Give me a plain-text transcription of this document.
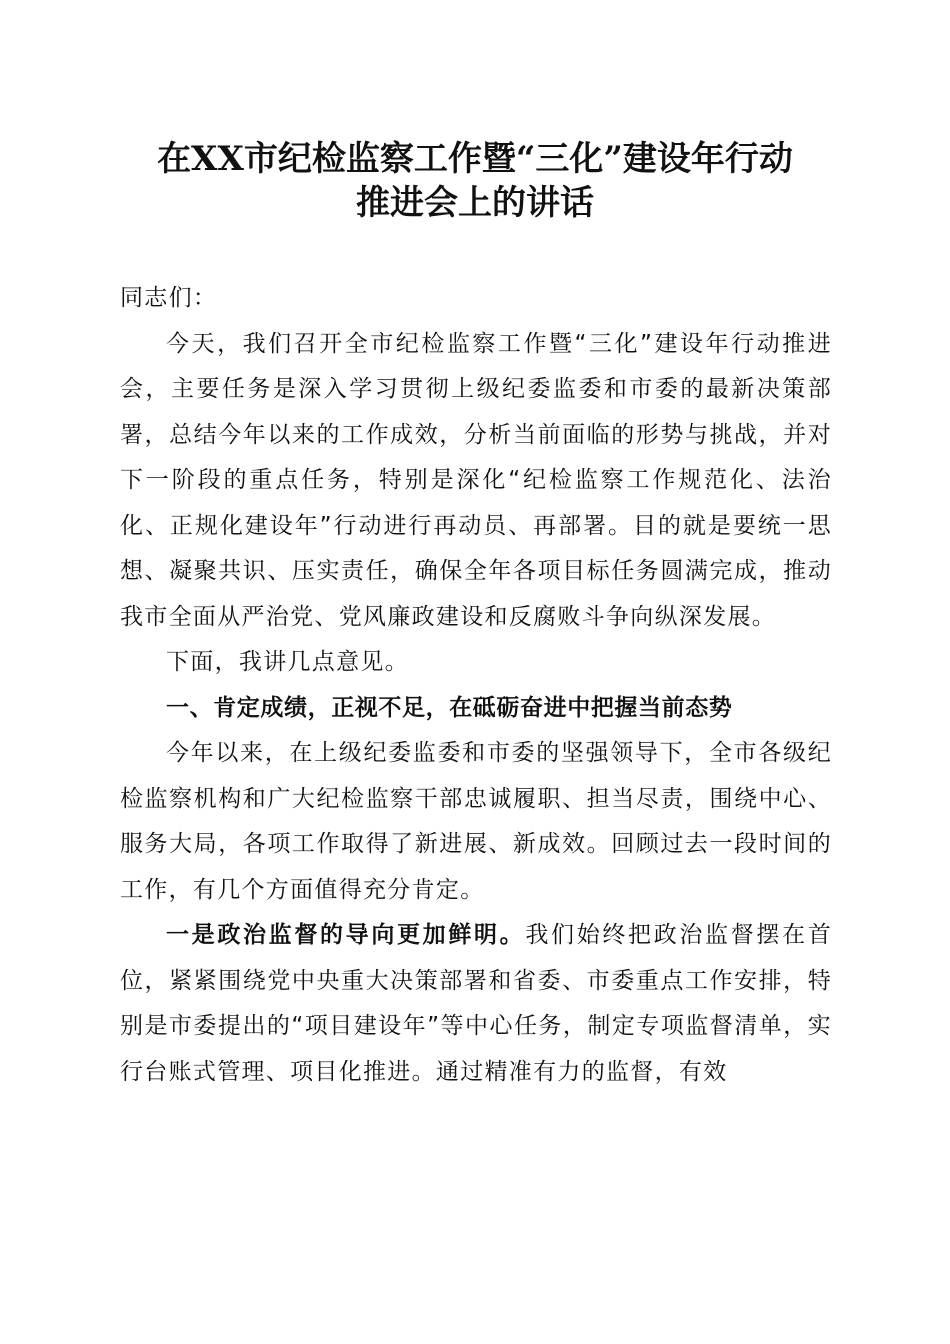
在XX市纪检监察工作暨“三化”建设年行动
推进会上的讲话

同志们：

今天，我们召开全市纪检监察工作暨“三化”建设年行动推进会，主要任务是深入学习贯彻上级纪委监委和市委的最新决策部署，总结今年以来的工作成效，分析当前面临的形势与挑战，并对下一阶段的重点任务，特别是深化“纪检监察工作规范化、法治化、正规化建设年”行动进行再动员、再部署。目的就是要统一思想、凝聚共识、压实责任，确保全年各项目标任务圆满完成，推动我市全面从严治党、党风廉政建设和反腐败斗争向纵深发展。

下面，我讲几点意见。

一、肯定成绩，正视不足，在砥砺奋进中把握当前态势

今年以来，在上级纪委监委和市委的坚强领导下，全市各级纪检监察机构和广大纪检监察干部忠诚履职、担当尽责，围绕中心、服务大局，各项工作取得了新进展、新成效。回顾过去一段时间的工作，有几个方面值得充分肯定。

一是政治监督的导向更加鲜明。我们始终把政治监督摆在首位，紧紧围绕党中央重大决策部署和省委、市委重点工作安排，特别是市委提出的“项目建设年”等中心任务，制定专项监督清单，实行台账式管理、项目化推进。通过精准有力的监督，有效
